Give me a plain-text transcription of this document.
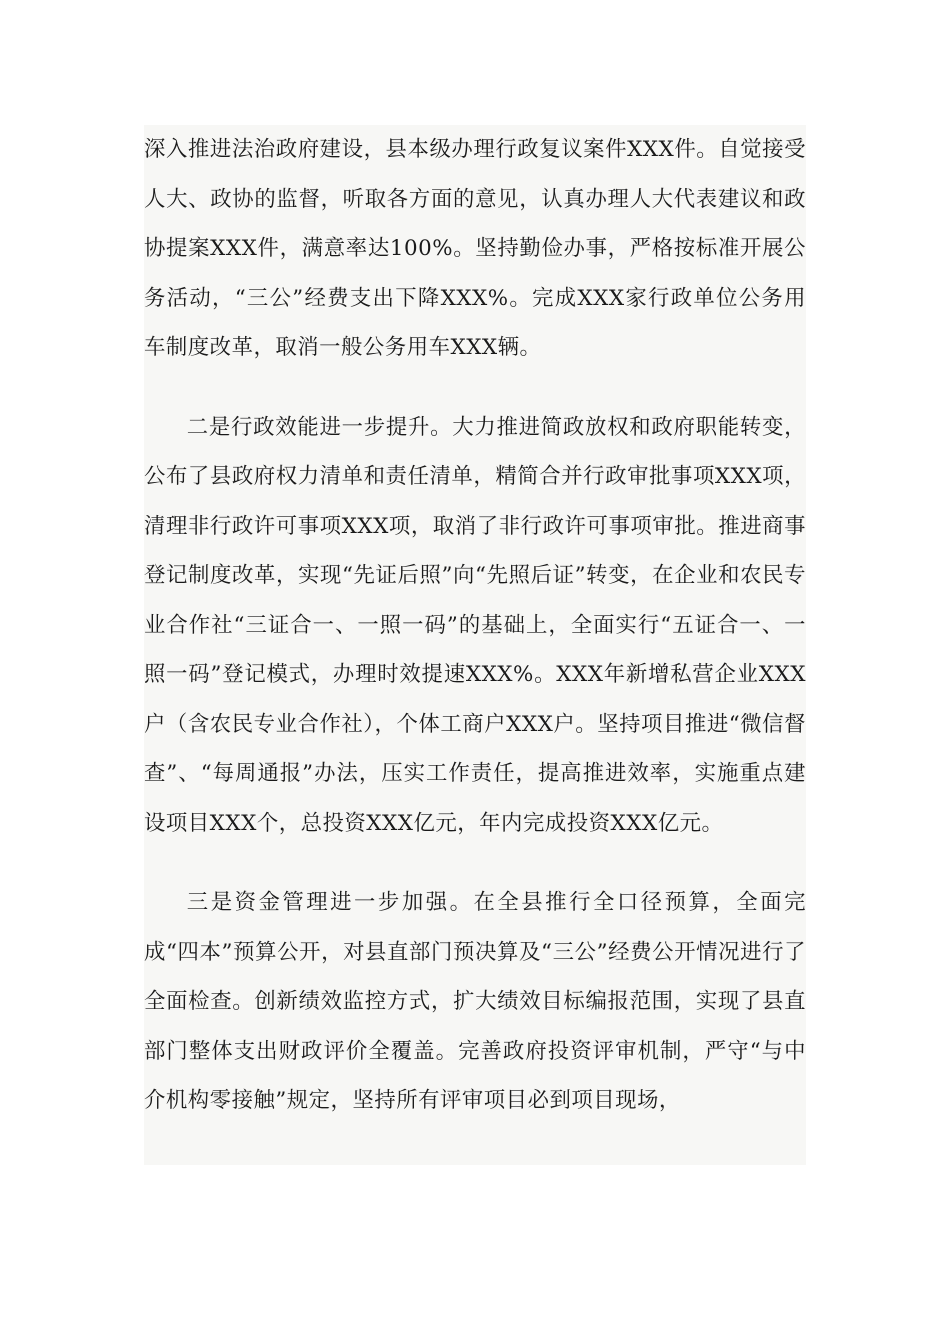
深入推进法治政府建设，县本级办理行政复议案件XXX件。自觉接受人大、政协的监督，听取各方面的意见，认真办理人大代表建议和政协提案XXX件，满意率达100%。坚持勤俭办事，严格按标准开展公务活动，“三公”经费支出下降XXX%。完成XXX家行政单位公务用车制度改革，取消一般公务用车XXX辆。

二是行政效能进一步提升。大力推进简政放权和政府职能转变，公布了县政府权力清单和责任清单，精简合并行政审批事项XXX项，清理非行政许可事项XXX项，取消了非行政许可事项审批。推进商事登记制度改革，实现“先证后照”向“先照后证”转变，在企业和农民专业合作社“三证合一、一照一码”的基础上，全面实行“五证合一、一照一码”登记模式，办理时效提速XXX%。XXX年新增私营企业XXX户（含农民专业合作社），个体工商户XXX户。坚持项目推进“微信督查”、“每周通报”办法，压实工作责任，提高推进效率，实施重点建设项目XXX个，总投资XXX亿元，年内完成投资XXX亿元。

三是资金管理进一步加强。在全县推行全口径预算，全面完成“四本”预算公开，对县直部门预决算及“三公”经费公开情况进行了全面检查。创新绩效监控方式，扩大绩效目标编报范围，实现了县直部门整体支出财政评价全覆盖。完善政府投资评审机制，严守“与中介机构零接触”规定，坚持所有评审项目必到项目现场，
